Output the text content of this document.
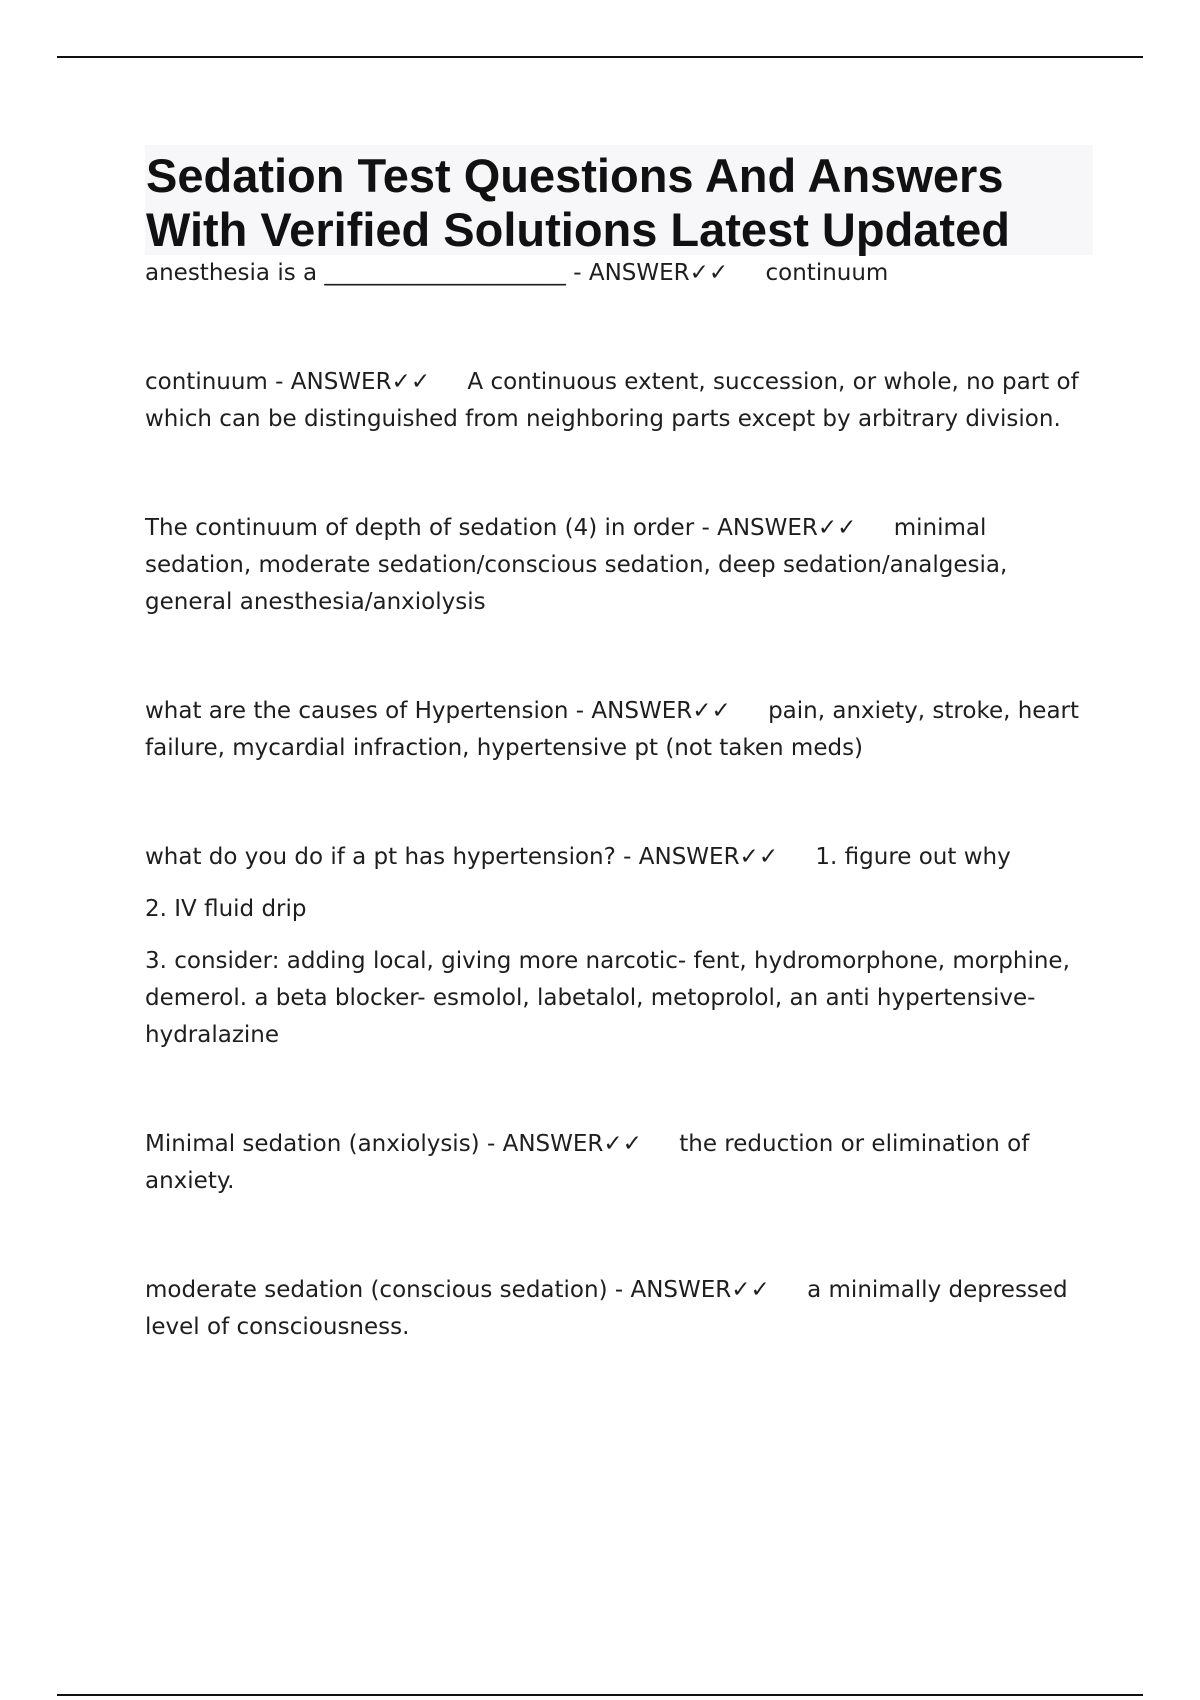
Sedation Test Questions And Answers
With Verified Solutions Latest Updated

anesthesia is a _____________________ - ANSWER✓✓ continuum

continuum - ANSWER✓✓ A continuous extent, succession, or whole, no part of which can be distinguished from neighboring parts except by arbitrary division.

The continuum of depth of sedation (4) in order - ANSWER✓✓ minimal sedation, moderate sedation/conscious sedation, deep sedation/analgesia, general anesthesia/anxiolysis

what are the causes of Hypertension - ANSWER✓✓ pain, anxiety, stroke, heart failure, mycardial infraction, hypertensive pt (not taken meds)

what do you do if a pt has hypertension? - ANSWER✓✓ 1. figure out why

2. IV fluid drip

3. consider: adding local, giving more narcotic- fent, hydromorphone, morphine, demerol. a beta blocker- esmolol, labetalol, metoprolol, an anti hypertensive- hydralazine

Minimal sedation (anxiolysis) - ANSWER✓✓ the reduction or elimination of anxiety.

moderate sedation (conscious sedation) - ANSWER✓✓ a minimally depressed level of consciousness.
